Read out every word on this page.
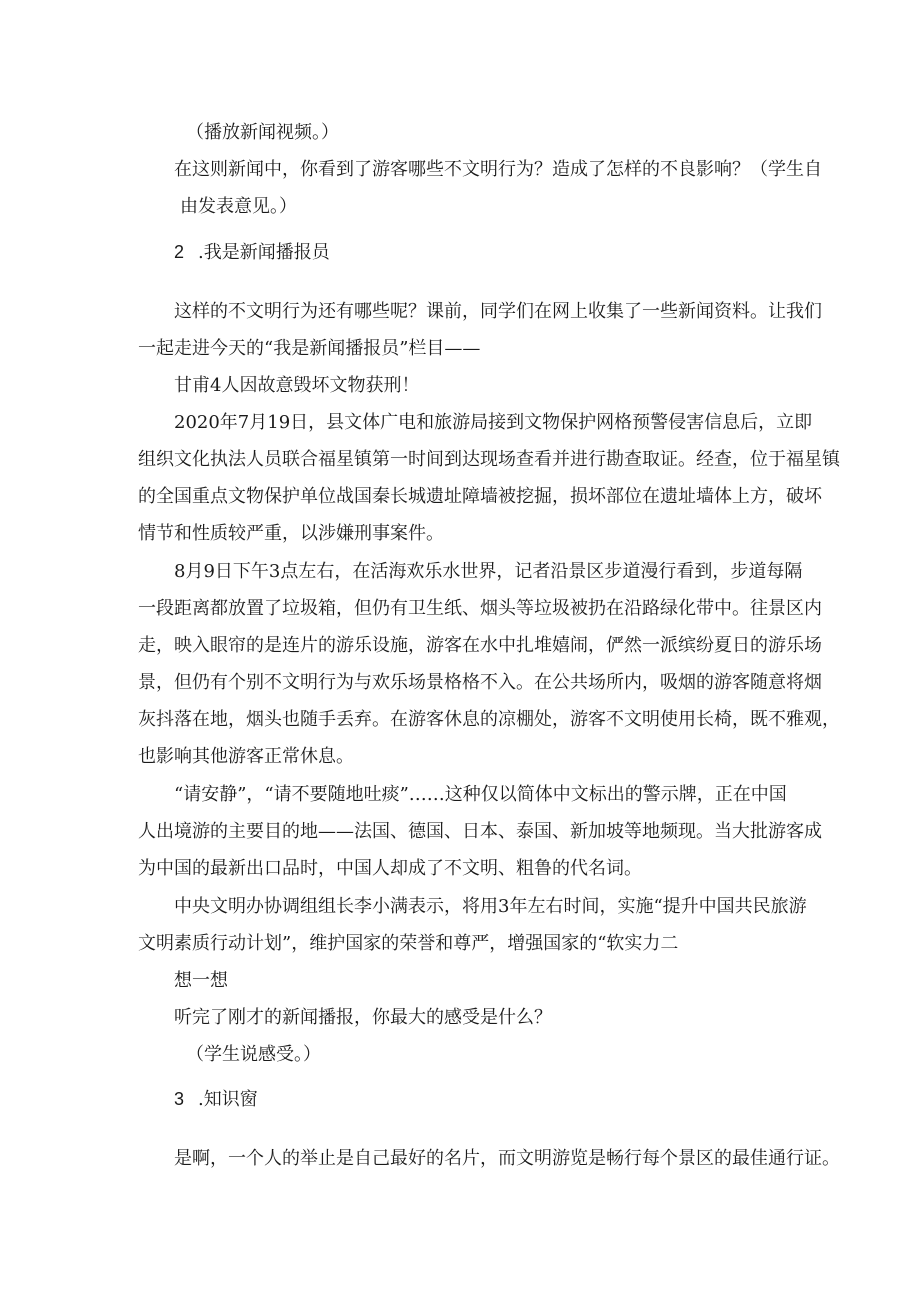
（播放新闻视频。）
在这则新闻中，你看到了游客哪些不文明行为？造成了怎样的不良影响？（学生自
由发表意见。）
2 .我是新闻播报员
这样的不文明行为还有哪些呢？课前，同学们在网上收集了一些新闻资料。让我们
一起走进今天的“我是新闻播报员”栏目——
甘甫4人因故意毁坏文物获刑！
2020年7月19日，县文体广电和旅游局接到文物保护网格预警侵害信息后，立即
组织文化执法人员联合福星镇第一时间到达现场查看并进行勘查取证。经查，位于福星镇
的全国重点文物保护单位战国秦长城遗址障墙被挖掘，损坏部位在遗址墙体上方，破坏
情节和性质较严重，以涉嫌刑事案件。
8月9日下午3点左右，在活海欢乐水世界，记者沿景区步道漫行看到，步道每隔
一段距离都放置了垃圾箱，但仍有卫生纸、烟头等垃圾被扔在沿路绿化带中。往景区内
走，映入眼帘的是连片的游乐设施，游客在水中扎堆嬉闹，俨然一派缤纷夏日的游乐场
景，但仍有个别不文明行为与欢乐场景格格不入。在公共场所内，吸烟的游客随意将烟
灰抖落在地，烟头也随手丢弃。在游客休息的凉棚处，游客不文明使用长椅，既不雅观，
也影响其他游客正常休息。
“请安静”，“请不要随地吐痰”……这种仅以简体中文标出的警示牌，正在中国
人出境游的主要目的地——法国、德国、日本、泰国、新加坡等地频现。当大批游客成
为中国的最新出口品时，中国人却成了不文明、粗鲁的代名词。
中央文明办协调组组长李小满表示，将用3年左右时间，实施“提升中国共民旅游
文明素质行动计划”，维护国家的荣誉和尊严，增强国家的“软实力二
想一想
听完了刚才的新闻播报，你最大的感受是什么？
（学生说感受。）
3 .知识窗
是啊，一个人的举止是自己最好的名片，而文明游览是畅行每个景区的最佳通行证。
